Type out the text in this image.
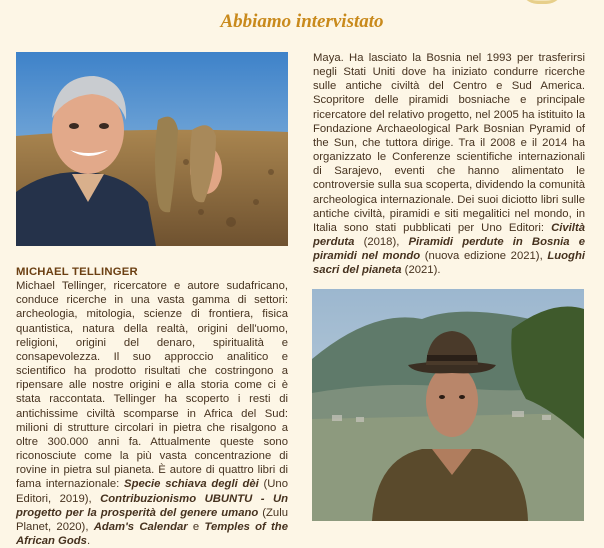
Abbiamo intervistato
MICHAEL TELLINGER

Michael Tellinger, ricercatore e autore sudafricano, conduce ricerche in una vasta gamma di settori: archeologia, mitologia, scienze di frontiera, fisica quantistica, natura della realtà, origini dell'uomo, religioni, origini del denaro, spiritualità e consapevolezza. Il suo approccio analitico e scientifico ha prodotto risultati che costringono a ripensare alle nostre origini e alla storia come ci è stata raccontata. Tellinger ha scoperto i resti di antichissime civiltà scomparse in Africa del Sud: milioni di strutture circolari in pietra che risalgono a oltre 300.000 anni fa. Attualmente queste sono riconosciute come la più vasta concentrazione di rovine in pietra sul pianeta. È autore di quattro libri di fama internazionale: Specie schiava degli dèi (Uno Editori, 2019), Contribuzionismo UBUNTU - Un progetto per la prosperità del genere umano (Zulu Planet, 2020), Adam's Calendar e Temples of the African Gods.

Maya. Ha lasciato la Bosnia nel 1993 per trasferirsi negli Stati Uniti dove ha iniziato condurre ricerche sulle antiche civiltà del Centro e Sud America. Scopritore delle piramidi bosniache e principale ricercatore del relativo progetto, nel 2005 ha istituito la Fondazione Archaeological Park Bosnian Pyramid of the Sun, che tuttora dirige. Tra il 2008 e il 2014 ha organizzato le Conferenze scientifiche internazionali di Sarajevo, eventi che hanno alimentato le controversie sulla sua scoperta, dividendo la comunità archeologica internazionale. Dei suoi diciotto libri sulle antiche civiltà, piramidi e siti megalitici nel mondo, in Italia sono stati pubblicati per Uno Editori: Civiltà perduta (2018), Piramidi perdute in Bosnia e piramidi nel mondo (nuova edizione 2021), Luoghi sacri del pianeta (2021).
